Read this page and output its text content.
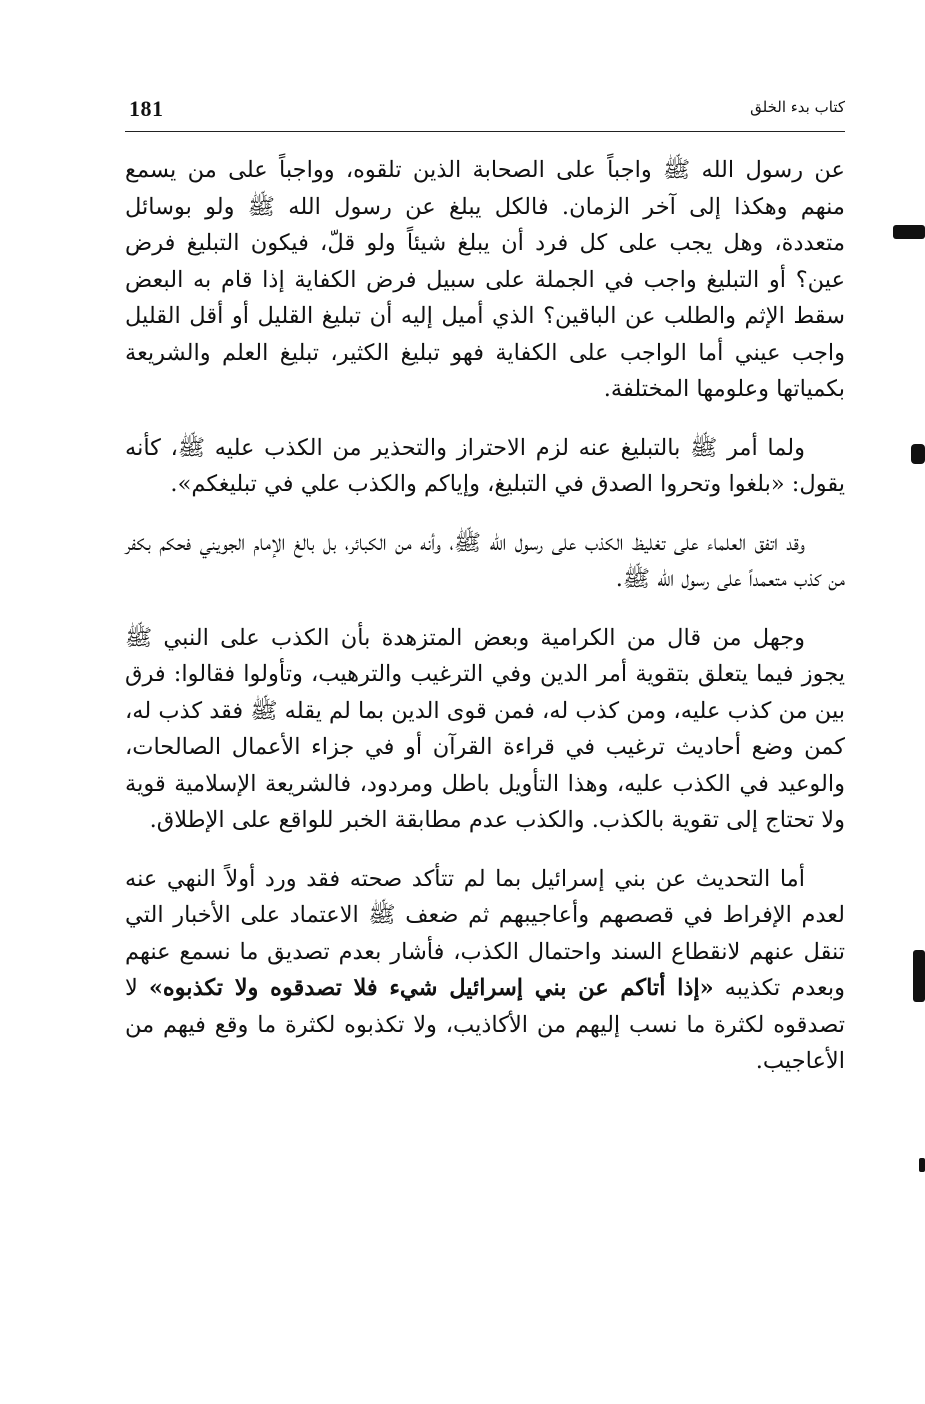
181	كتاب بدء الخلق

عن رسول الله ﷺ واجباً على الصحابة الذين تلقوه، وواجباً على من يسمع منهم وهكذا إلى آخر الزمان. فالكل يبلغ عن رسول الله ﷺ ولو بوسائل متعددة، وهل يجب على كل فرد أن يبلغ شيئاً ولو قلّ، فيكون التبليغ فرض عين؟ أو التبليغ واجب في الجملة على سبيل فرض الكفاية إذا قام به البعض سقط الإثم والطلب عن الباقين؟ الذي أميل إليه أن تبليغ القليل أو أقل القليل واجب عيني أما الواجب على الكفاية فهو تبليغ الكثير، تبليغ العلم والشريعة بكمياتها وعلومها المختلفة.

ولما أمر ﷺ بالتبليغ عنه لزم الاحتراز والتحذير من الكذب عليه ﷺ، كأنه يقول: «بلغوا وتحروا الصدق في التبليغ، وإياكم والكذب علي في تبليغكم».

وقد اتفق العلماء على تغليظ الكذب على رسول الله ﷺ، وأنه من الكبائر، بل بالغ الإمام الجويني فحكم بكفر من كذب متعمداً على رسول الله ﷺ.

وجهل من قال من الكرامية وبعض المتزهدة بأن الكذب على النبي ﷺ يجوز فيما يتعلق بتقوية أمر الدين وفي الترغيب والترهيب، وتأولوا فقالوا: فرق بين من كذب عليه، ومن كذب له، فمن قوى الدين بما لم يقله ﷺ فقد كذب له، كمن وضع أحاديث ترغيب في قراءة القرآن أو في جزاء الأعمال الصالحات، والوعيد في الكذب عليه، وهذا التأويل باطل ومردود، فالشريعة الإسلامية قوية ولا تحتاج إلى تقوية بالكذب. والكذب عدم مطابقة الخبر للواقع على الإطلاق.

أما التحديث عن بني إسرائيل بما لم تتأكد صحته فقد ورد أولاً النهي عنه لعدم الإفراط في قصصهم وأعاجيبهم ثم ضعف ﷺ الاعتماد على الأخبار التي تنقل عنهم لانقطاع السند واحتمال الكذب، فأشار بعدم تصديق ما نسمع عنهم وبعدم تكذيبه «إذا أتاكم عن بني إسرائيل شيء فلا تصدقوه ولا تكذبوه» لا تصدقوه لكثرة ما نسب إليهم من الأكاذيب، ولا تكذبوه لكثرة ما وقع فيهم من الأعاجيب.
